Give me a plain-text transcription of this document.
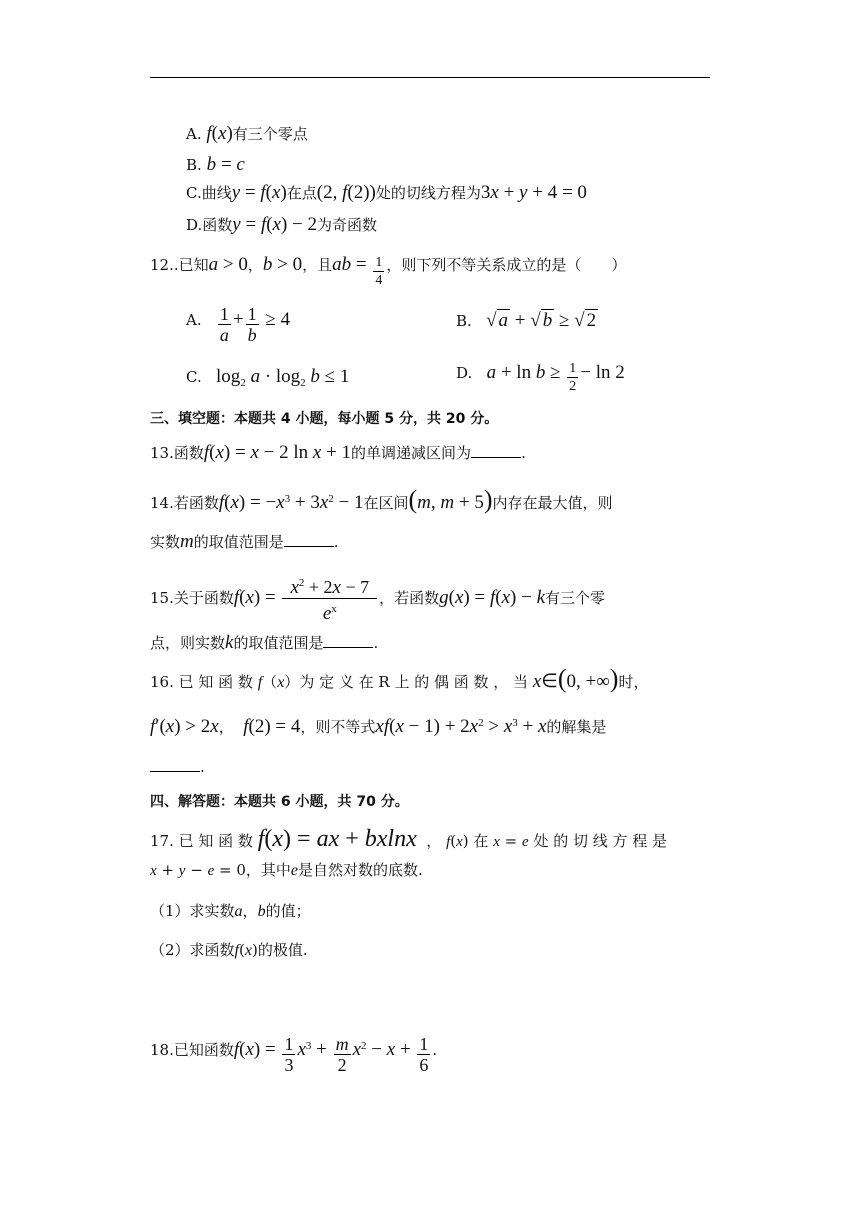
A. f(x)有三个零点
B. b = c
C.曲线y = f(x)在点(2, f(2))处的切线方程为3x + y + 4 = 0
D.函数y = f(x) − 2为奇函数
12..已知a > 0，b > 0，且ab = $\frac{1}{4}$ ，则下列不等关系成立的是（　　）
A. $\frac{1}{a} + \frac{1}{b} \ge 4$	B. √ a + √ b ≥ √ 2
C. $\log_2 a \cdot \log_2 b \le 1$	D. $a + \ln b \ge \frac{1}{2} - \ln 2$
三、填空题：本题共 4 小题，每小题 5 分，共 20 分。
13.函数f(x) = x − 2 ln x + 1的单调递减区间为	.
14.若函数$f(x) = -x^3 + 3x^2 - 1$在区间(m, m + 5)内存在最大值，则
实数m的取值范围是	.
15.关于函数$f(x) = \frac{x^2 + 2x - 7}{e^x}$ ，若函数g(x) = f(x) − k有三个零
点，则实数k的取值范围是	.
16. 已 知 函 数 f（x）为 定 义 在 R 上 的 偶 函 数 ， 当 x∈(0, +∞)时，
f′(x) > 2x， f(2) = 4，则不等式$xf(x - 1) + 2x^2 > x^3 + x$的解集是
.
四、解答题：本题共 6 小题，共 70 分。
17. 已 知 函 数 f(x) = ax + bxlnx  ， f(x) 在 x = e 处 的 切 线 方 程 是
x + y − e = 0，其中e是自然对数的底数.
（1）求实数a，b的值；
（2）求函数f(x)的极值.
18.已知函数$f(x) = \frac{1}{3} x^3 + \frac{m}{2} x^2 - x + \frac{1}{6}$ .
